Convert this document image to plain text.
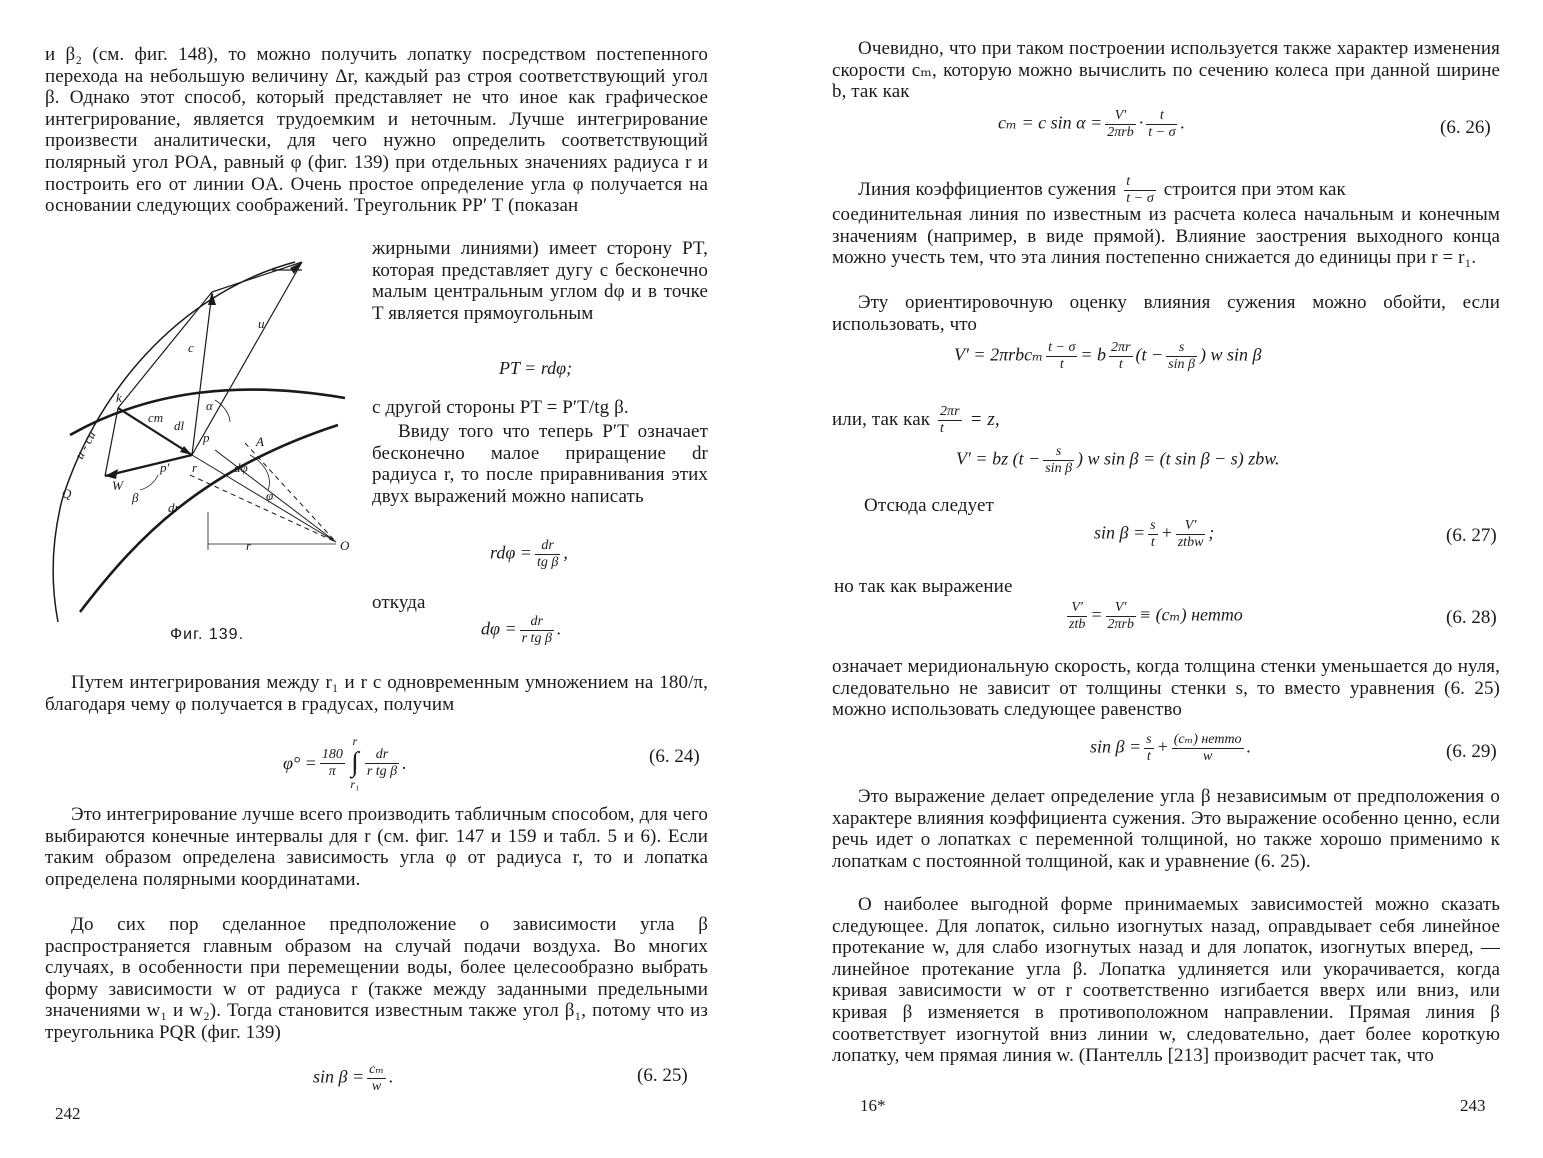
и β₂ (см. фиг. 148), то можно получить лопатку посредством постепенного перехода на небольшую величину Δr, каждый раз строя соответствующий угол β. Однако этот способ, который представляет не что иное как графическое интегрирование, является трудоемким и неточным. Лучше интегрирование произвести аналитически, для чего нужно определить соответствующий полярный угол POA, равный φ (фиг. 139) при отдельных значениях радиуса r и построить его от линии OA. Очень простое определение угла φ получается на основании следующих соображений. Треугольник PP′ T (показан

жирными линиями) имеет сторону PT, которая представляет дугу с бесконечно малым центральным углом dφ и в точке T является прямоугольным

PT = rdφ;

с другой стороны PT = P′T/tg β.

Ввиду того что теперь P′T означает бесконечно малое приращение dr радиуса r, то после приравнивания этих двух выражений можно написать

$rd\varphi = \frac{dr}{\text{tg β}}$ ,

откуда

$d\varphi = \frac{dr}{\text{r tg β}}$ .
k
u - cu
cm
dl
c
u
α
p
p′ r
A
dφ
φ
Q
W
β
dr
r	O
Фиг. 139.

Путем интегрирования между r₁ и r с одновременным умножением на 180/π, благодаря чему φ получается в градусах, получим

$\varphi^\circ = \frac{180}{\pi}$
r
∫
r₁
$\frac{dr}{\text{r tg β}}$ .	(6. 24)

Это интегрирование лучше всего производить табличным способом, для чего выбираются конечные интервалы для r (см. фиг. 147 и 159 и табл. 5 и 6). Если таким образом определена зависимость угла φ от радиуса r, то и лопатка определена полярными координатами.

До сих пор сделанное предположение о зависимости угла β распространяется главным образом на случай подачи воздуха. Во многих случаях, в особенности при перемещении воды, более целесообразно выбрать форму зависимости w от радиуса r (также между заданными предельными значениями w₁ и w₂). Тогда становится известным также угол β₁, потому что из треугольника PQR (фиг. 139)

$\sin \beta = \frac{\text{cₘ}}{w}$ .	(6. 25)
242

Очевидно, что при таком построении используется также характер изменения скорости cₘ, которую можно вычислить по сечению колеса при данной ширине b, так как

cₘ = c $\sin \alpha = \frac{V'}{\text{2πrb}} \cdot \frac{t}{t - \sigma}$ .	(6. 26)
Линия коэффициентов сужения $\frac{t}{t - \sigma}$ строится при этом как

соединительная линия по известным из расчета колеса начальным и конечным значениям (например, в виде прямой). Влияние заострения выходного конца можно учесть тем, что эта линия постепенно снижается до единицы при r = r₁.

Эту ориентировочную оценку влияния сужения можно обойти, если использовать, что

$V' = 2\pi rbc_m \frac{t - \sigma}{t} = b \frac{2\pi r}{t} (t - \frac{s}{\text{sin β}}$ ) w sin β
или, так как $\frac{2\pi r}{t} = z$,
V′ = bz ($t - \frac{s}{\text{sin β}}$ ) w sin β = (t sin β − s) zbw.

Отсюда следует

$\sin \beta = \frac{s}{t} + \frac{V'}{\text{ztbw}}$ ;	(6. 27)

но так как выражение

$\frac{V'}{\text{ztb}} = \frac{V'}{\text{2πrb}} \equiv (c_m)$ нетто	(6. 28)

означает меридиональную скорость, когда толщина стенки уменьшается до нуля, следовательно не зависит от толщины стенки s, то вместо уравнения (6. 25) можно использовать следующее равенство

$\sin \beta = \frac{s}{t} + \frac{\text{(cₘ) нетто}}{w}$ .	(6. 29)

Это выражение делает определение угла β независимым от предположения о характере влияния коэффициента сужения. Это выражение особенно ценно, если речь идет о лопатках с переменной толщиной, но также хорошо применимо к лопаткам с постоянной толщиной, как и уравнение (6. 25).

О наиболее выгодной форме принимаемых зависимостей можно сказать следующее. Для лопаток, сильно изогнутых назад, оправдывает себя линейное протекание w, для слабо изогнутых назад и для лопаток, изогнутых вперед, — линейное протекание угла β. Лопатка удлиняется или укорачивается, когда кривая зависимости w от r соответственно изгибается вверх или вниз, или кривая β изменяется в противоположном направлении. Прямая линия β соответствует изогнутой вниз линии w, следовательно, дает более короткую лопатку, чем прямая линия w. (Пантелль [213] производит расчет так, что

16*	243
